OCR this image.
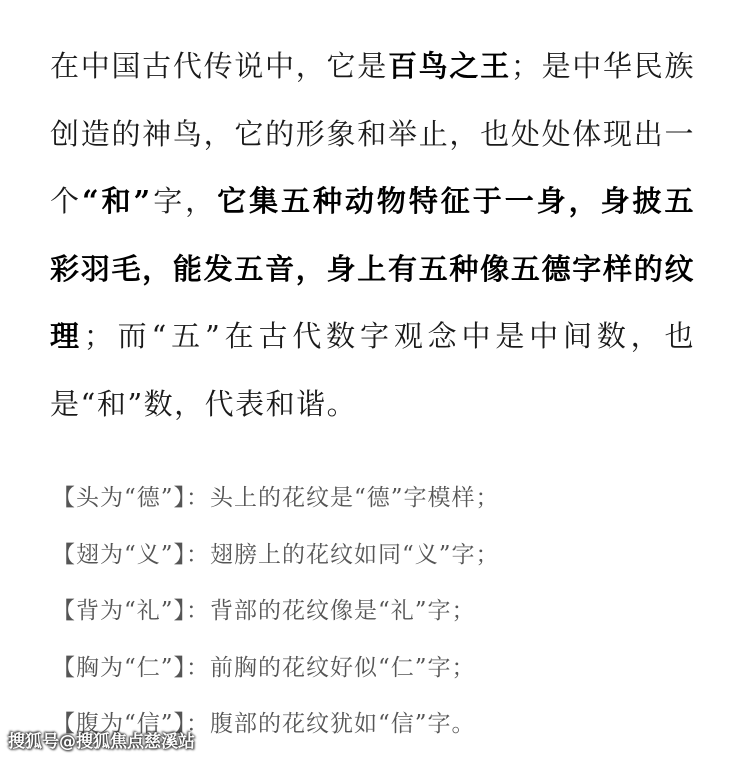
在中国古代传说中，它是百鸟之王；是中华民族创造的神鸟，它的形象和举止，也处处体现出一个“和”字，它集五种动物特征于一身，身披五彩羽毛，能发五音，身上有五种像五德字样的纹理；而“五”在古代数字观念中是中间数，也是“和”数，代表和谐。

【头为“德”】：头上的花纹是“德”字模样；
【翅为“义”】：翅膀上的花纹如同“义”字；
【背为“礼”】：背部的花纹像是“礼”字；
【胸为“仁”】：前胸的花纹好似“仁”字；
【腹为“信”】：腹部的花纹犹如“信”字。
搜狐号@搜狐焦点慈溪站
